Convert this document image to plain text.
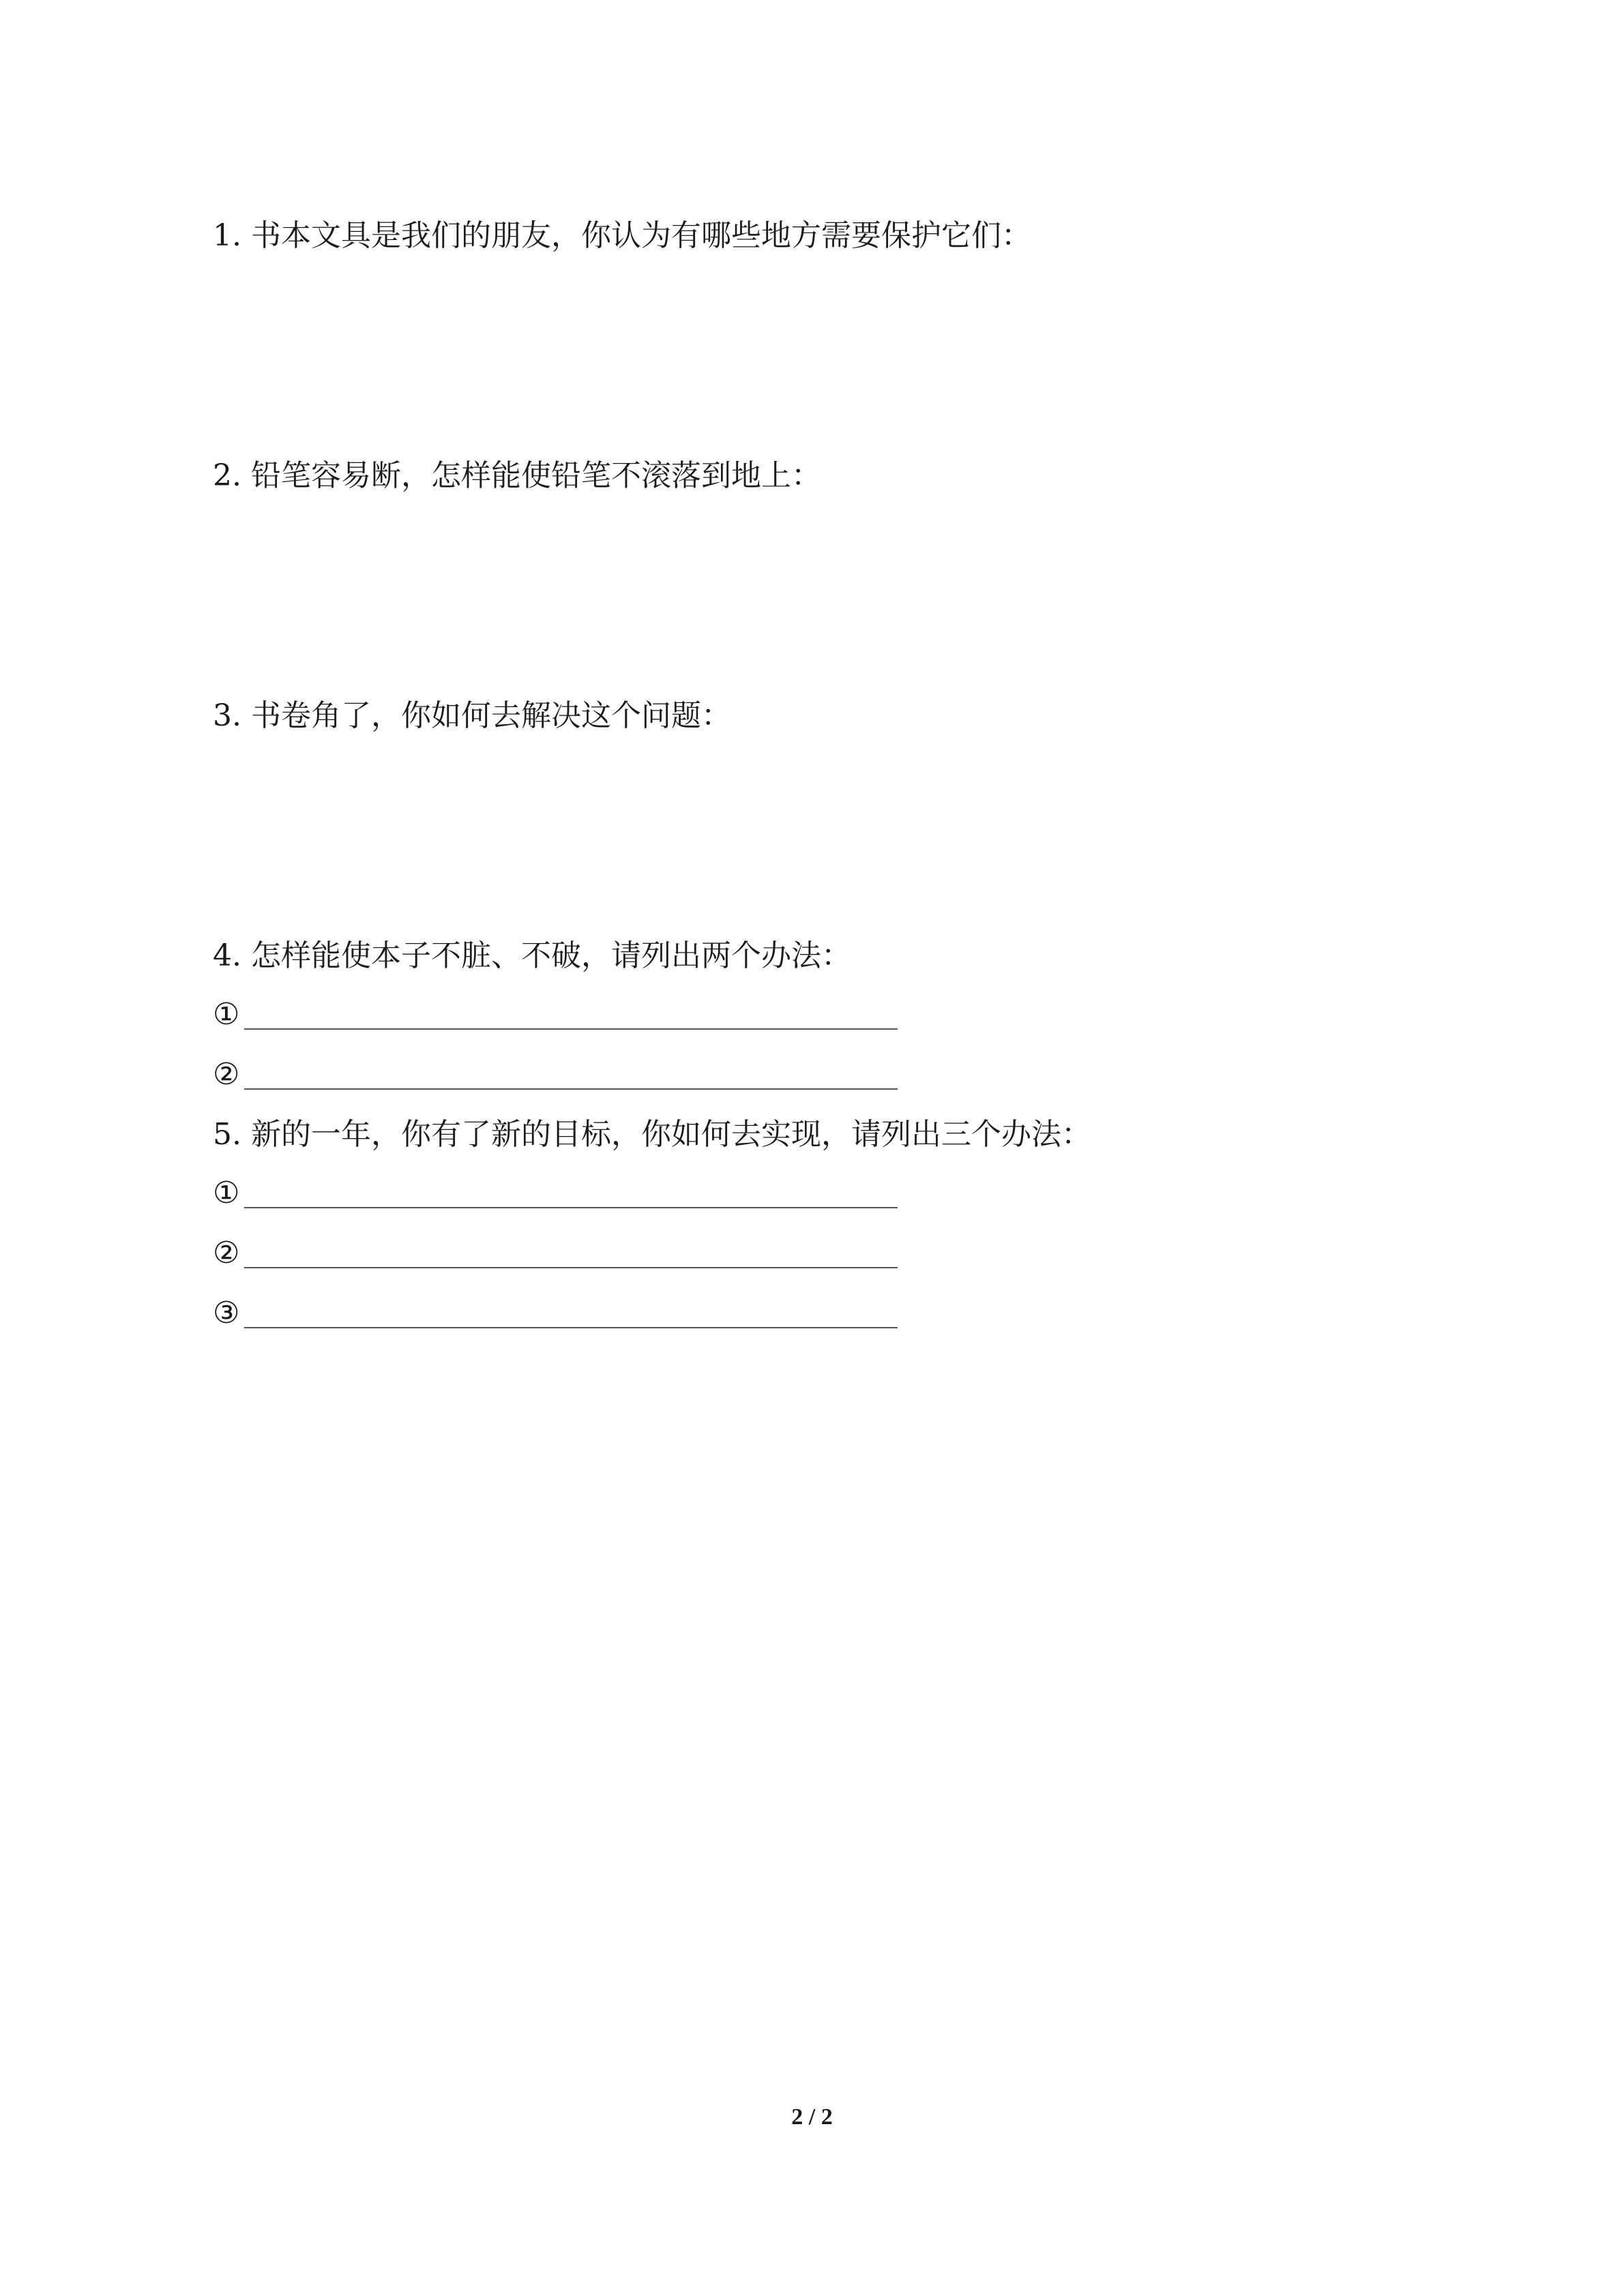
1. 书本文具是我们的朋友，你认为有哪些地方需要保护它们：
2. 铅笔容易断，怎样能使铅笔不滚落到地上：
3. 书卷角了，你如何去解决这个问题：
4. 怎样能使本子不脏、不破，请列出两个办法：
①
②
5. 新的一年，你有了新的目标，你如何去实现，请列出三个办法：
①
②
③
2 / 2
